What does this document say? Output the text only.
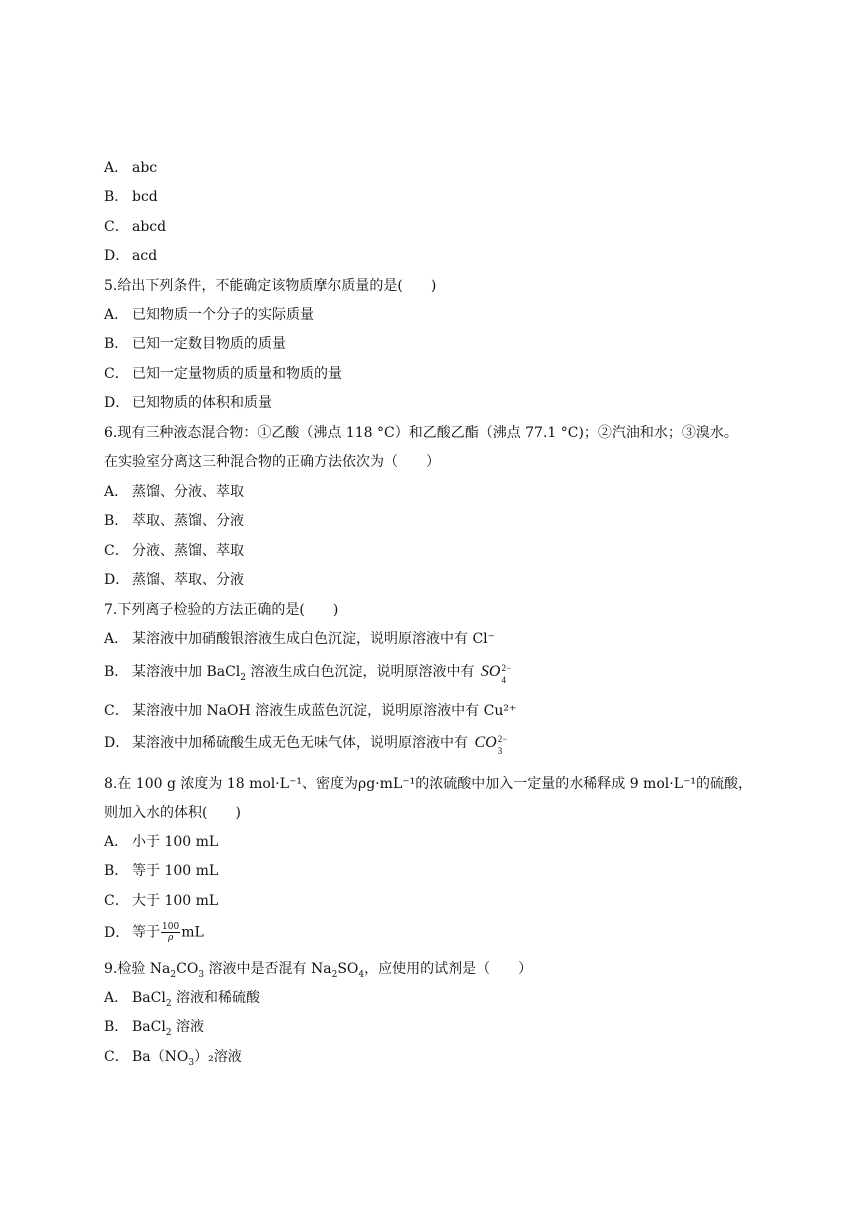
A． abc
B． bcd
C． abcd
D． acd
5.给出下列条件，不能确定该物质摩尔质量的是(　　)
A． 已知物质一个分子的实际质量
B． 已知一定数目物质的质量
C． 已知一定量物质的质量和物质的量
D． 已知物质的体积和质量
6.现有三种液态混合物：①乙酸（沸点 118 °C）和乙酸乙酯（沸点 77.1 °C)；②汽油和水；③溴水。
在实验室分离这三种混合物的正确方法依次为（　　）
A． 蒸馏、分液、萃取
B． 萃取、蒸馏、分液
C． 分液、蒸馏、萃取
D． 蒸馏、萃取、分液
7.下列离子检验的方法正确的是(　　)
A． 某溶液中加硝酸银溶液生成白色沉淀，说明原溶液中有 Cl⁻
B． 某溶液中加 BaCl$_2$ 溶液生成白色沉淀，说明原溶液中有 SO 2−
4
C． 某溶液中加 NaOH 溶液生成蓝色沉淀，说明原溶液中有 Cu²⁺
D． 某溶液中加稀硫酸生成无色无味气体，说明原溶液中有 CO 2−
3
8.在 100 g 浓度为 18 mol·L⁻¹、密度为ρg·mL⁻¹的浓硫酸中加入一定量的水稀释成 9 mol·L⁻¹的硫酸，
则加入水的体积(　　)
A． 小于 100 mL
B． 等于 100 mL
C． 大于 100 mL
D． 等于 $\frac{100}{\rho}$ mL
9.检验 $Na_2CO_3$ 溶液中是否混有 $Na_2SO_4$，应使用的试剂是（　　）
A． BaCl$_2$ 溶液和稀硫酸
B． BaCl$_2$ 溶液
C． $Ba(NO_3)_2$溶液
